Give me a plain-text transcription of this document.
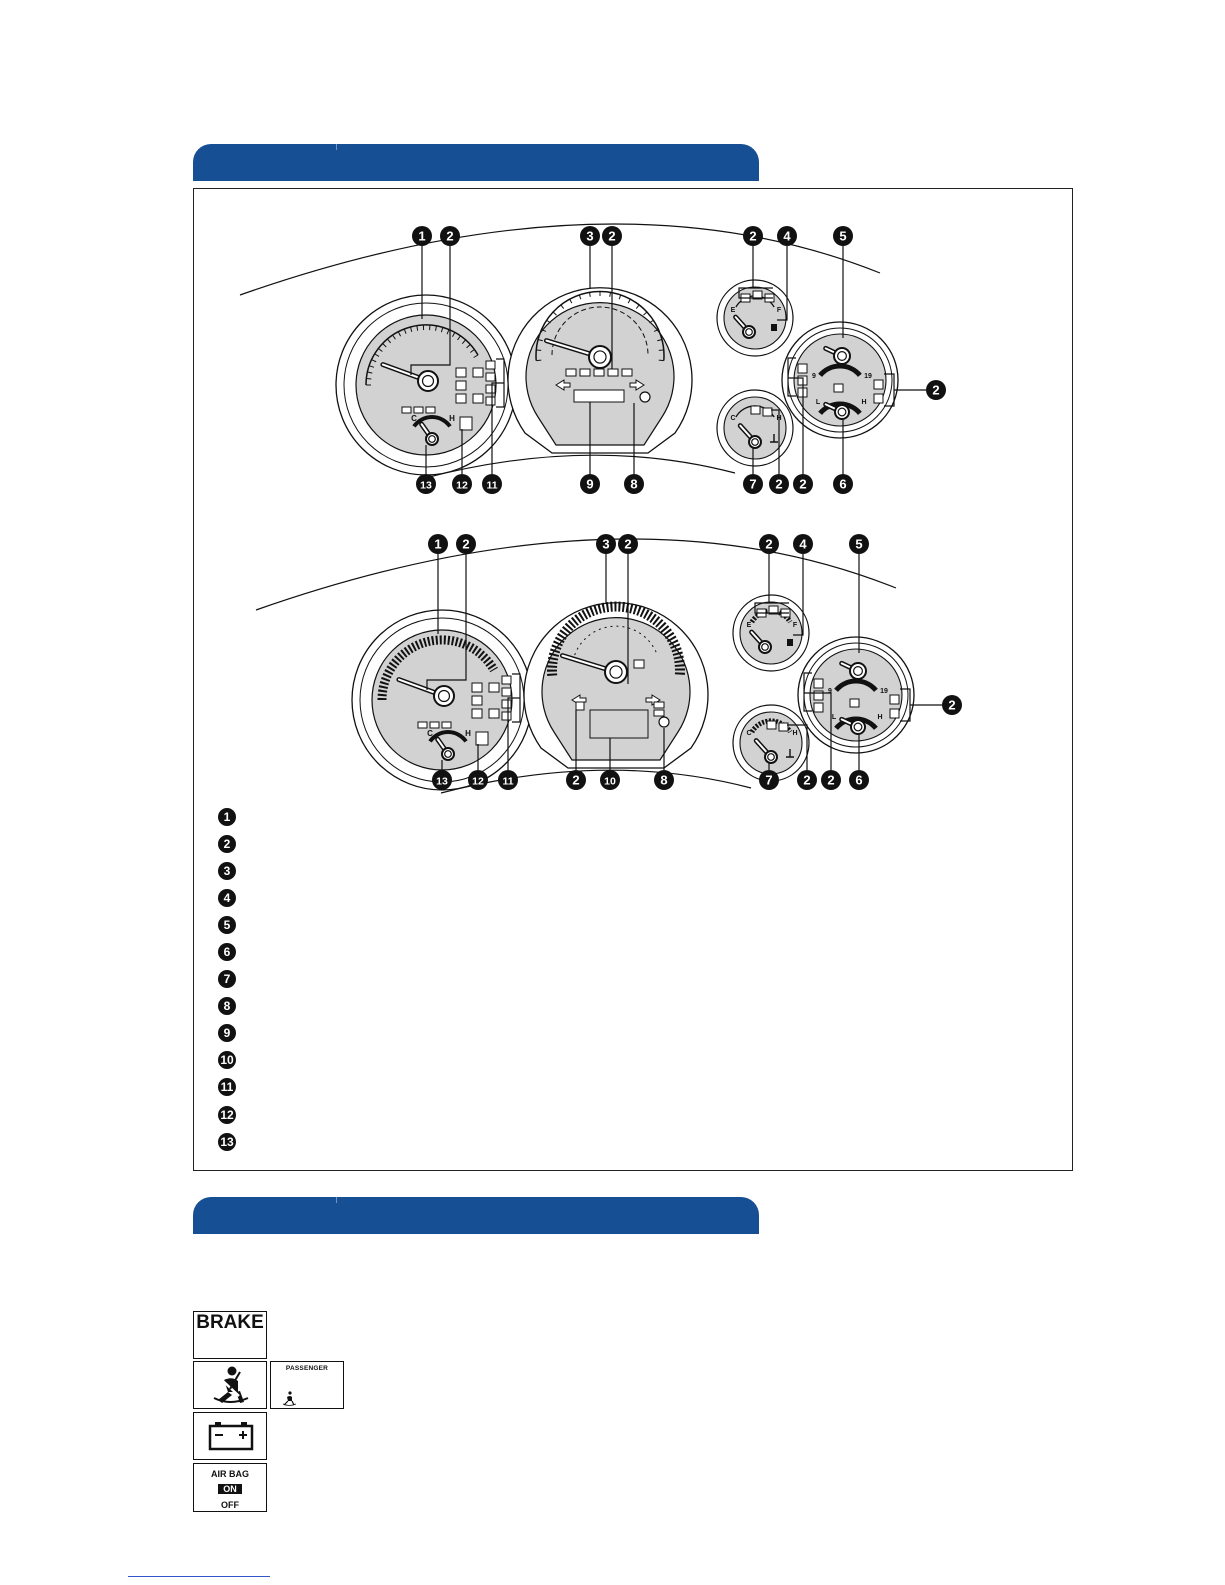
C	H
E	F
C	H
9	19
L	H
1 2	3 2	2 4	5
2
13 12 11	9	8	7 2 2	6
C	H
E	F
C	H
9	19
L	H
1 2	3 2	2 4	5
2
13 12 11	2 10	8	7 2 2 6
1
2
3
4
5
6
7
8
9
10
11
12
13
BRAKE
PASSENGER
AIR BAG
ON
OFF
